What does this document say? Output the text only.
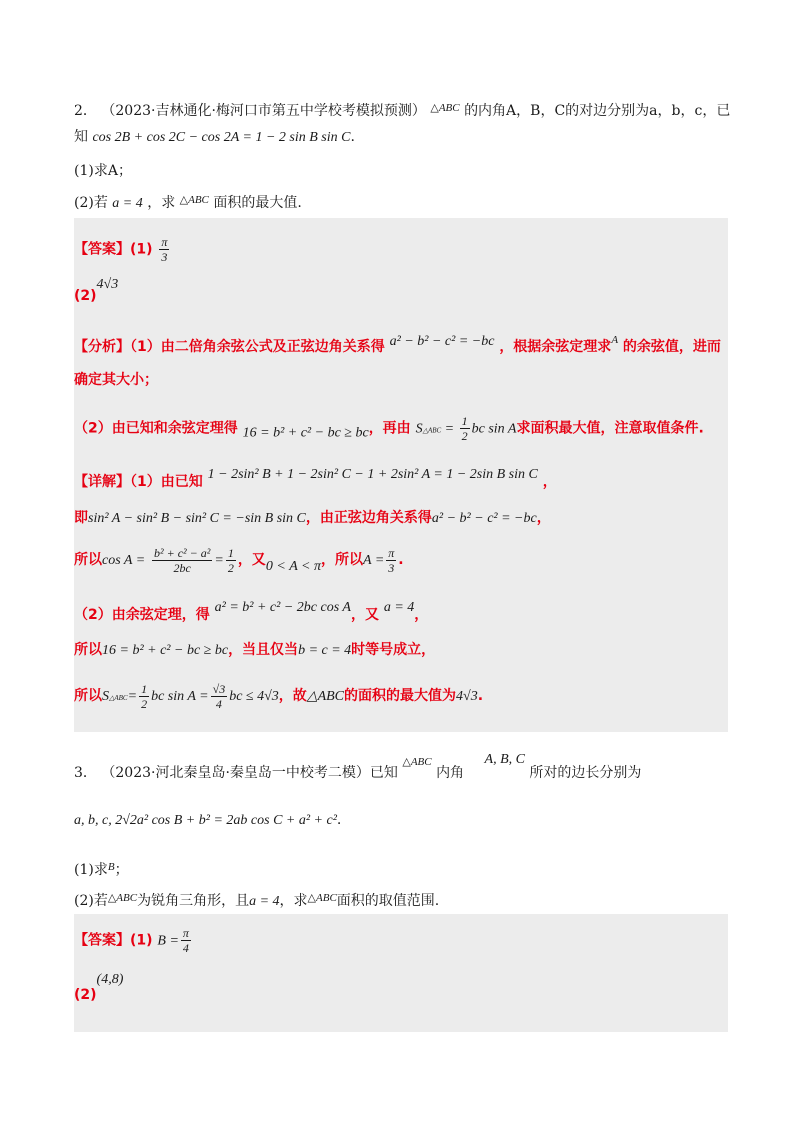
2． （2023·吉林通化·梅河口市第五中学校考模拟预测） $^{\triangle ABC}$ 的内角A，B，C的对边分别为a，b，c，已
知 cos 2B + cos 2C − cos 2A = 1 − 2 sin B sin C.
(1)求A；
(2)若 a = 4 ，求 $^{\triangle ABC}$ 面积的最大值.
【答案】$(1) \frac{\pi}{3}$
(2)4√3
【分析】（1）由二倍角余弦公式及正弦边角关系得 a² − b² − c² = −bc ，根据余弦定理求$^A$ 的余弦值，进而
确定其大小；
（2）由已知和余弦定理得 16 = b² + c² − bc ≥ bc，再由 S△ABC = $\frac{1}{2}$ bc sin A求面积最大值，注意取值条件.
【详解】（1）由已知 1 − 2sin² B + 1 − 2sin² C − 1 + 2sin² A = 1 − 2sin B sin C ，
即sin² A − sin² B − sin² C = −sin B sin C，由正弦边角关系得a² − b² − c² = −bc，
所以$\cos A = \frac{\text{b² + c² − a²}}{2bc} = \frac{1}{2}$ ，又0 < A < π，所以$A = \frac{\pi}{3}$ .
（2）由余弦定理，得 a² = b² + c² − 2bc cos A，又 a = 4，
所以16 = b² + c² − bc ≥ bc，当且仅当b = c = 4时等号成立，
所以S△ABC= $\frac{1}{2}$ bc $\sin A = \frac{√3}{4}$ bc ≤ 4√3，故△ABC的面积的最大值为4√3.
3． （2023·河北秦皇岛·秦皇岛一中校考二模）已知 $^{\triangle ABC}$ 内角 A, B, C 所对的边长分别为
a, b, c, 2√2a² cos B + b² = 2ab cos C + a² + c².
(1)求$^B$；
(2)若$^{\triangle ABC}$为锐角三角形，且a = 4，求$^{\triangle ABC}$面积的取值范围.
【答案】(1) $B = \frac{\pi}{4}$
(2)(4,8)
